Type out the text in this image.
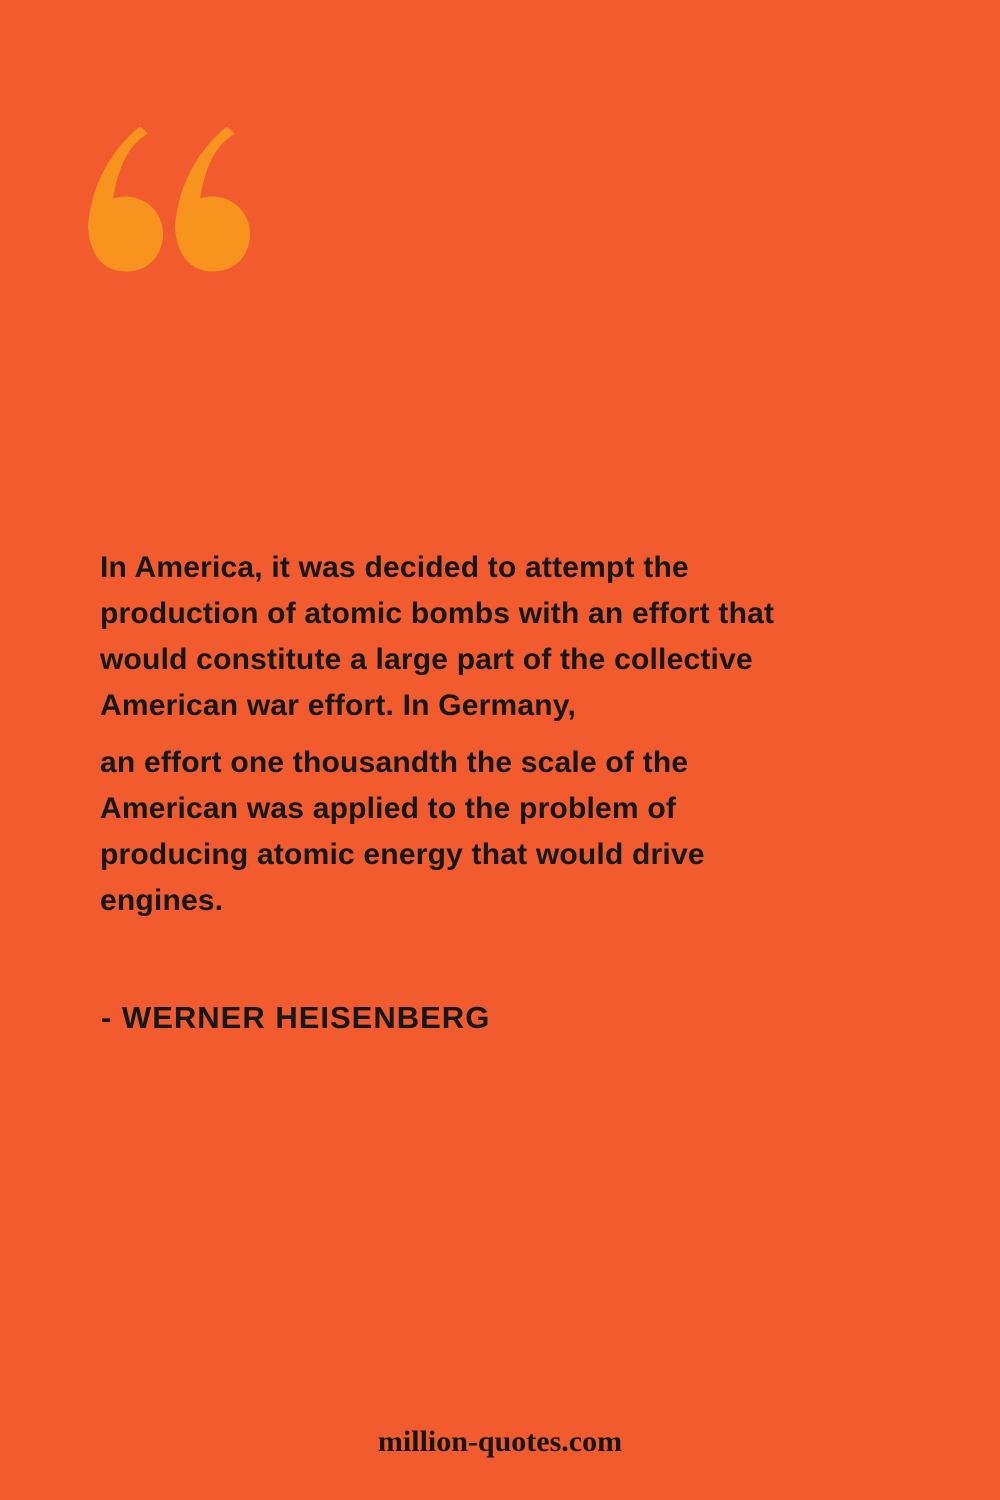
In America, it was decided to attempt the production of atomic bombs with an effort that would constitute a large part of the collective American war effort. In Germany,

an effort one thousandth the scale of the American was applied to the problem of producing atomic energy that would drive engines.

- WERNER HEISENBERG
million-quotes.com
